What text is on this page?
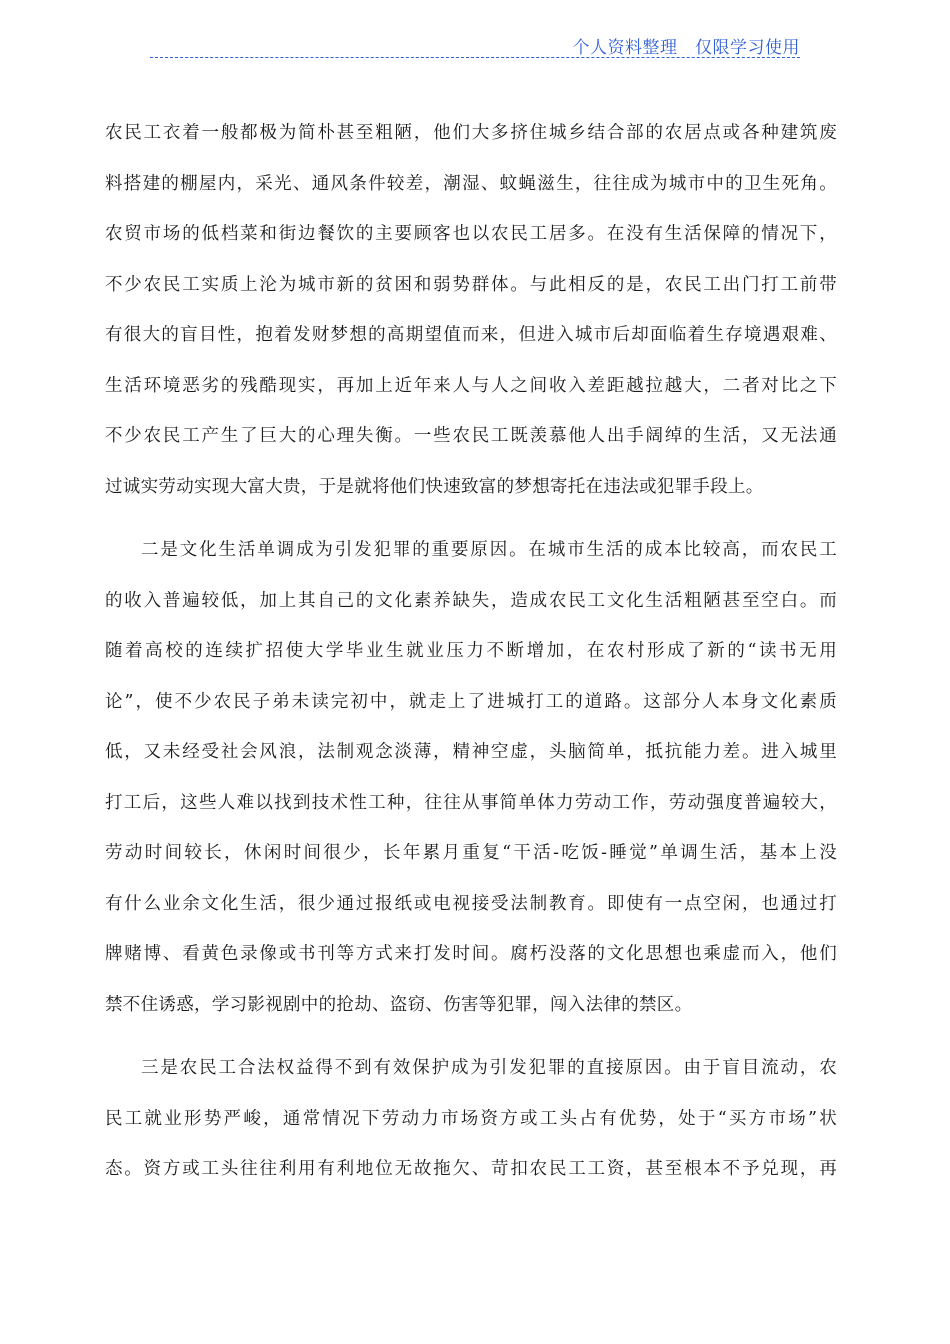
个人资料整理　仅限学习使用

农民工衣着一般都极为简朴甚至粗陋，他们大多挤住城乡结合部的农居点或各种建筑废
料搭建的棚屋内，采光、通风条件较差，潮湿、蚊蝇滋生，往往成为城市中的卫生死角。
农贸市场的低档菜和街边餐饮的主要顾客也以农民工居多。在没有生活保障的情况下，
不少农民工实质上沦为城市新的贫困和弱势群体。与此相反的是，农民工出门打工前带
有很大的盲目性，抱着发财梦想的高期望值而来，但进入城市后却面临着生存境遇艰难、
生活环境恶劣的残酷现实，再加上近年来人与人之间收入差距越拉越大，二者对比之下
不少农民工产生了巨大的心理失衡。一些农民工既羡慕他人出手阔绰的生活，又无法通
过诚实劳动实现大富大贵，于是就将他们快速致富的梦想寄托在违法或犯罪手段上。

二是文化生活单调成为引发犯罪的重要原因。在城市生活的成本比较高，而农民工
的收入普遍较低，加上其自己的文化素养缺失，造成农民工文化生活粗陋甚至空白。而
随着高校的连续扩招使大学毕业生就业压力不断增加，在农村形成了新的“读书无用
论”，使不少农民子弟未读完初中，就走上了进城打工的道路。这部分人本身文化素质
低，又未经受社会风浪，法制观念淡薄，精神空虚，头脑简单，抵抗能力差。进入城里
打工后，这些人难以找到技术性工种，往往从事简单体力劳动工作，劳动强度普遍较大，
劳动时间较长，休闲时间很少，长年累月重复“干活-吃饭-睡觉”单调生活，基本上没
有什么业余文化生活，很少通过报纸或电视接受法制教育。即使有一点空闲，也通过打
牌赌博、看黄色录像或书刊等方式来打发时间。腐朽没落的文化思想也乘虚而入，他们
禁不住诱惑，学习影视剧中的抢劫、盗窃、伤害等犯罪，闯入法律的禁区。

三是农民工合法权益得不到有效保护成为引发犯罪的直接原因。由于盲目流动，农
民工就业形势严峻，通常情况下劳动力市场资方或工头占有优势，处于“买方市场”状
态。资方或工头往往利用有利地位无故拖欠、苛扣农民工工资，甚至根本不予兑现，再
